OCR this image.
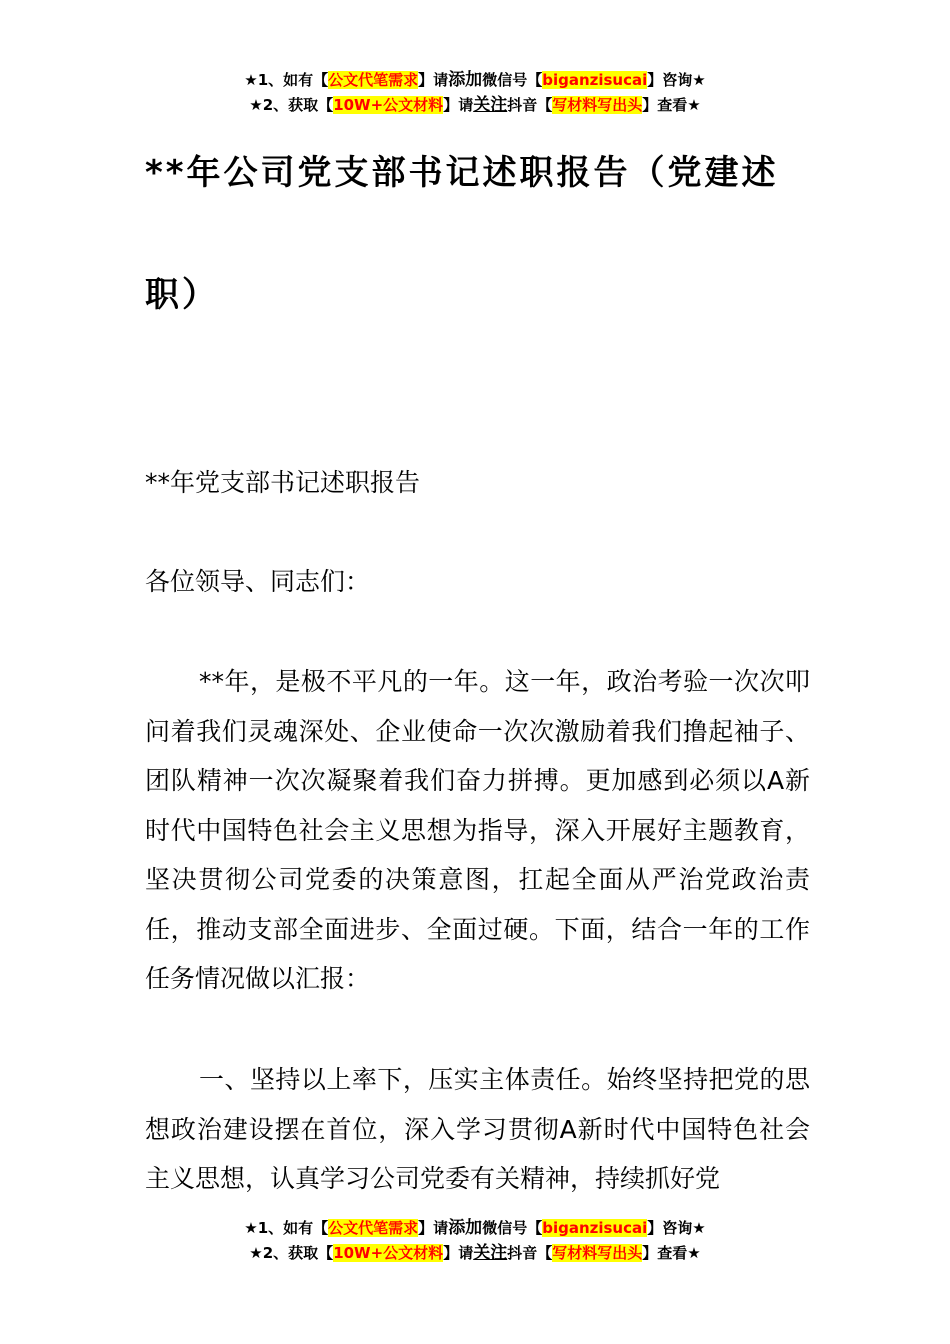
★1、如有【公文代笔需求】请添加微信号【biganzisucai】咨询★
★2、获取【10W+公文材料】请关注抖音【写材料写出头】查看★
**年公司党支部书记述职报告（党建述职）

**年党支部书记述职报告

各位领导、同志们：

**年，是极不平凡的一年。这一年，政治考验一次次叩问着我们灵魂深处、企业使命一次次激励着我们撸起袖子、团队精神一次次凝聚着我们奋力拼搏。更加感到必须以A新时代中国特色社会主义思想为指导，深入开展好主题教育，坚决贯彻公司党委的决策意图，扛起全面从严治党政治责任，推动支部全面进步、全面过硬。下面，结合一年的工作任务情况做以汇报：

一、坚持以上率下，压实主体责任。始终坚持把党的思想政治建设摆在首位，深入学习贯彻A新时代中国特色社会主义思想，认真学习公司党委有关精神，持续抓好党

★1、如有【公文代笔需求】请添加微信号【biganzisucai】咨询★
★2、获取【10W+公文材料】请关注抖音【写材料写出头】查看★
